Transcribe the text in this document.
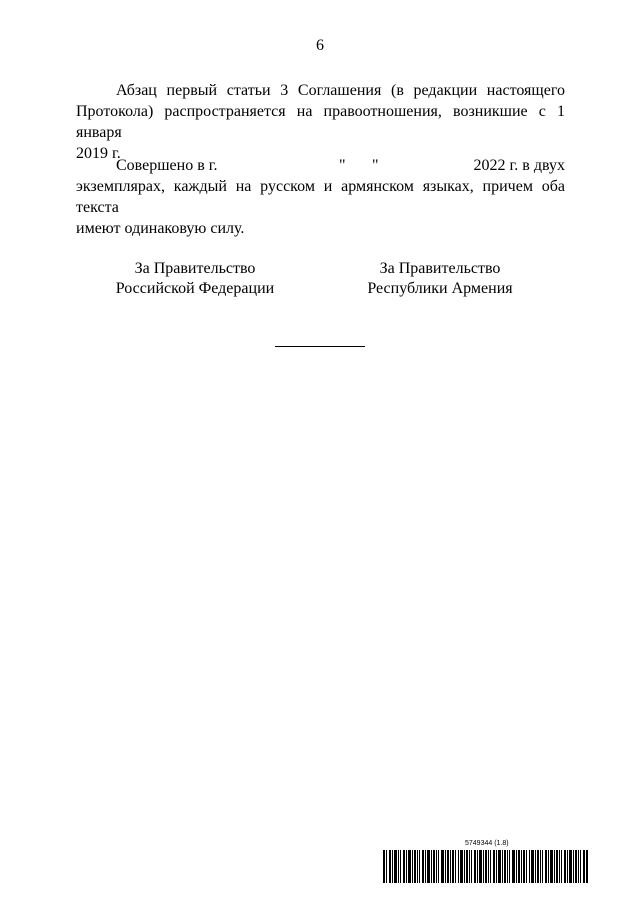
6
Абзац первый статьи 3 Соглашения (в редакции настоящего
Протокола) распространяется на правоотношения, возникшие с 1 января
2019 г.
Совершено в г.	" "	2022 г. в двух
экземплярах, каждый на русском и армянском языках, причем оба текста
имеют одинаковую силу.
За Правительство
Российской Федерации
За Правительство
Республики Армения
5749344 (1.8)
